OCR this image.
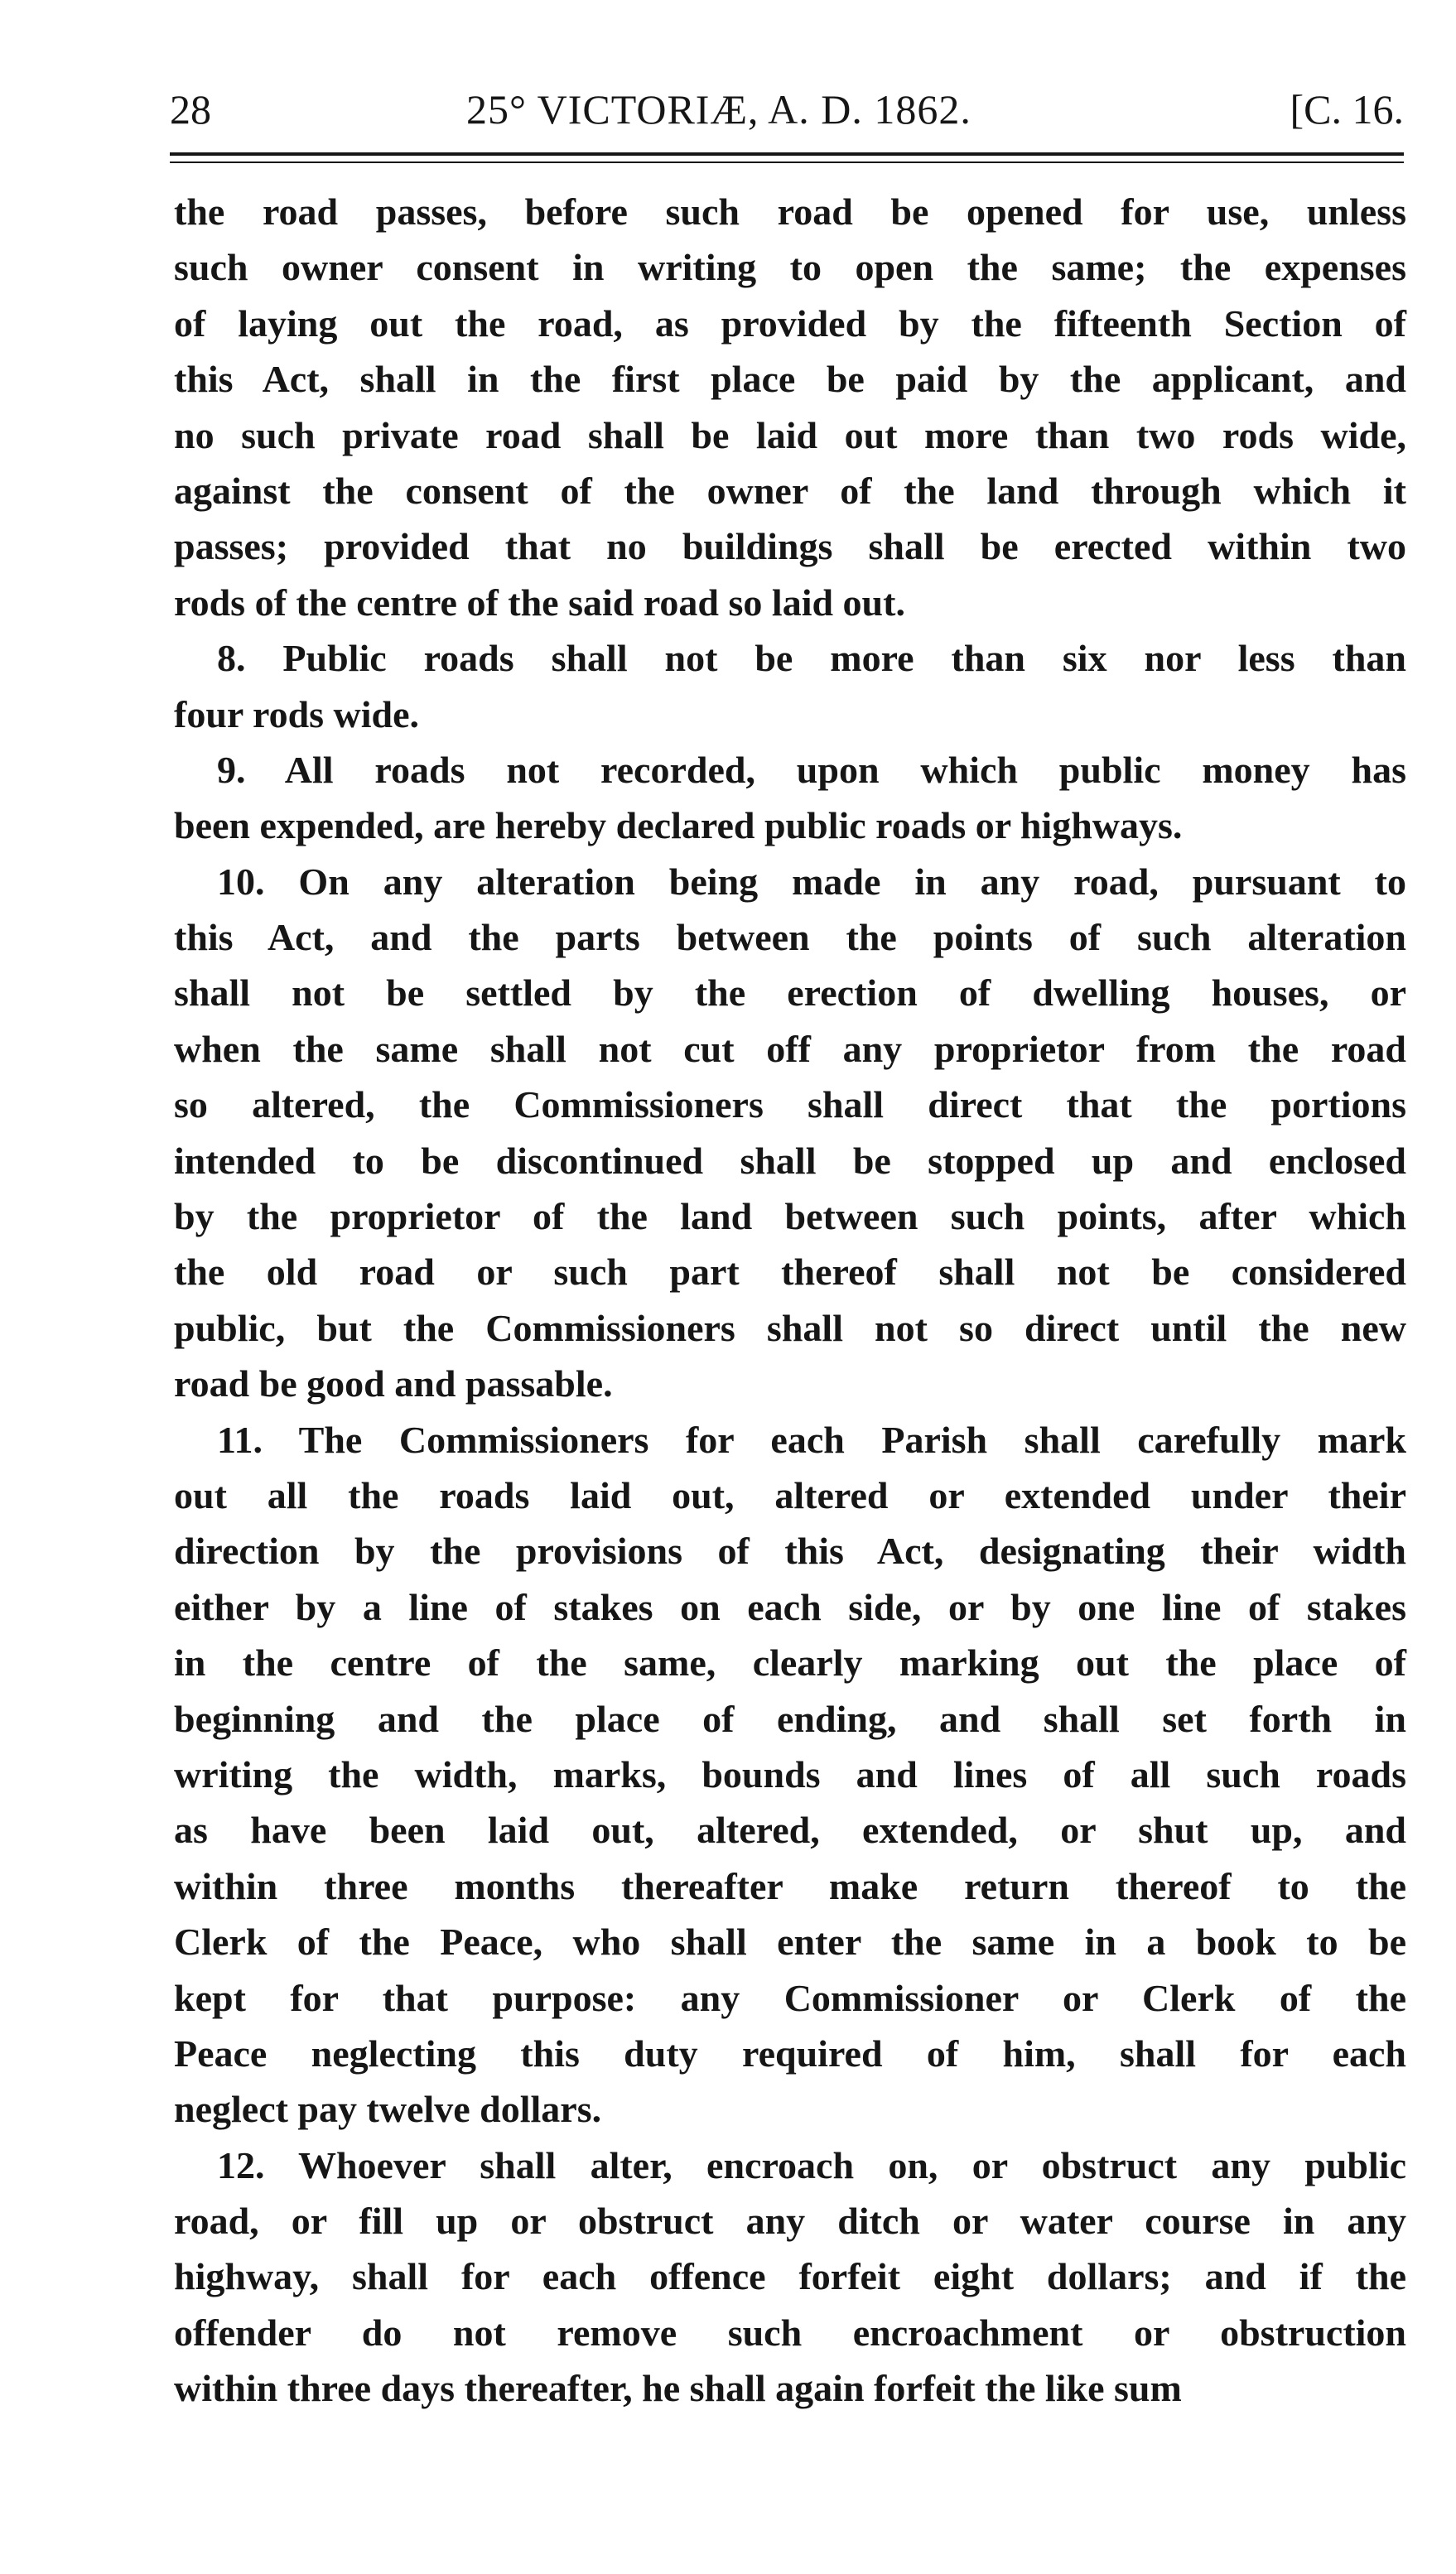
28	25° VICTORIÆ, A. D. 1862.	[C. 16.
the road passes, before such road be opened for use, unless
such owner consent in writing to open the same; the expenses
of laying out the road, as provided by the fifteenth Section of
this Act, shall in the first place be paid by the applicant, and
no such private road shall be laid out more than two rods wide,
against the consent of the owner of the land through which it
passes; provided that no buildings shall be erected within two
rods of the centre of the said road so laid out.
8. Public roads shall not be more than six nor less than
four rods wide.
9. All roads not recorded, upon which public money has
been expended, are hereby declared public roads or highways.
10. On any alteration being made in any road, pursuant to
this Act, and the parts between the points of such alteration
shall not be settled by the erection of dwelling houses, or
when the same shall not cut off any proprietor from the road
so altered, the Commissioners shall direct that the portions
intended to be discontinued shall be stopped up and enclosed
by the proprietor of the land between such points, after which
the old road or such part thereof shall not be considered
public, but the Commissioners shall not so direct until the new
road be good and passable.
11. The Commissioners for each Parish shall carefully mark
out all the roads laid out, altered or extended under their
direction by the provisions of this Act, designating their width
either by a line of stakes on each side, or by one line of stakes
in the centre of the same, clearly marking out the place of
beginning and the place of ending, and shall set forth in
writing the width, marks, bounds and lines of all such roads
as have been laid out, altered, extended, or shut up, and
within three months thereafter make return thereof to the
Clerk of the Peace, who shall enter the same in a book to be
kept for that purpose: any Commissioner or Clerk of the
Peace neglecting this duty required of him, shall for each
neglect pay twelve dollars.
12. Whoever shall alter, encroach on, or obstruct any public
road, or fill up or obstruct any ditch or water course in any
highway, shall for each offence forfeit eight dollars; and if the
offender do not remove such encroachment or obstruction
within three days thereafter, he shall again forfeit the like sum
